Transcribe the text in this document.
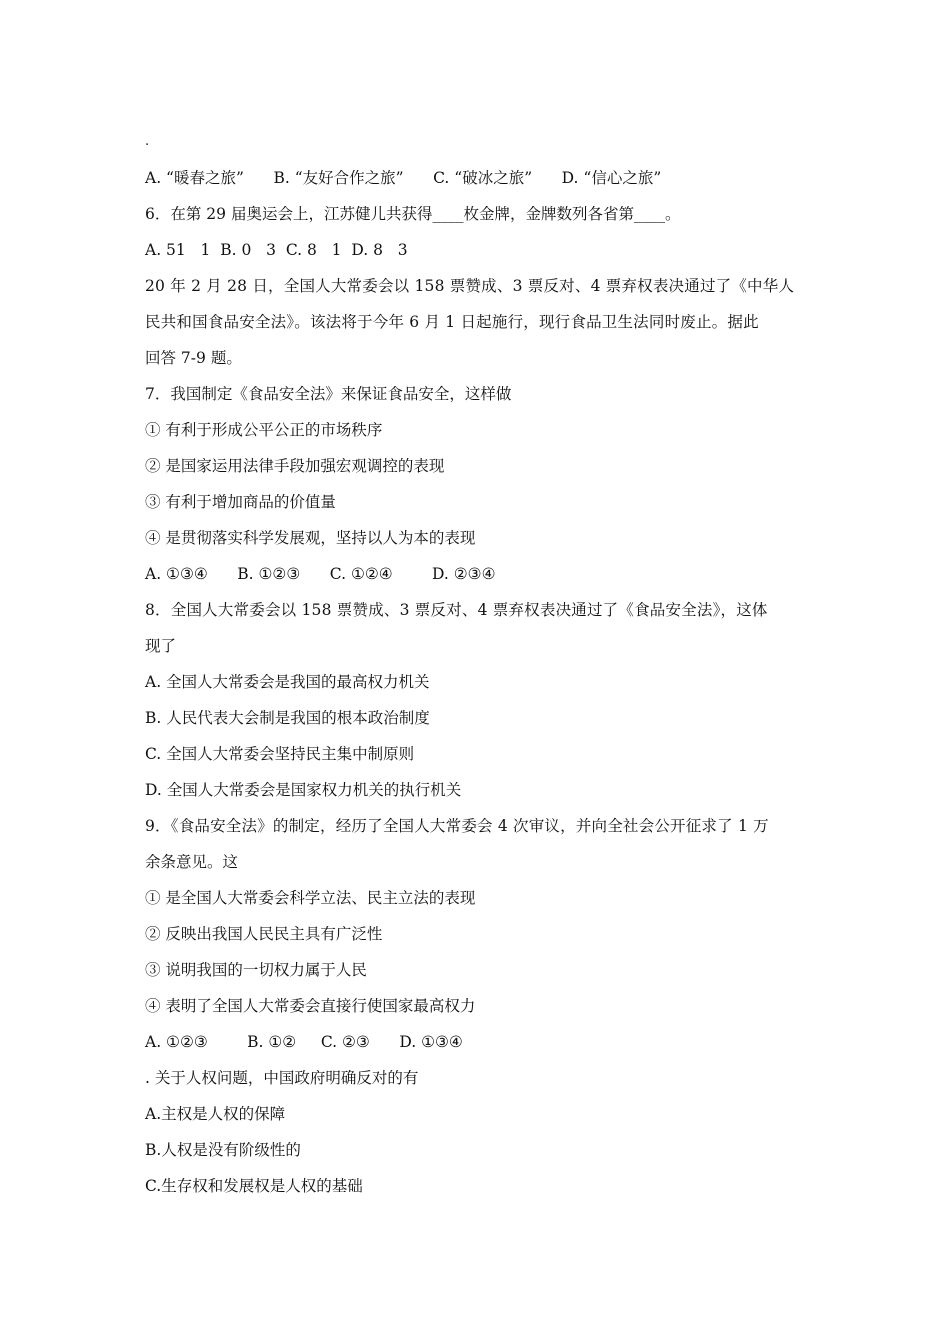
.
A. “暖春之旅”      B. “友好合作之旅”      C. “破冰之旅”      D. “信心之旅”
6．在第 29 届奥运会上，江苏健儿共获得____枚金牌，金牌数列各省第____。
A. 51   1  B. 0   3  C. 8   1  D. 8   3
20 年 2 月 28 日，全国人大常委会以 158 票赞成、3 票反对、4 票弃权表决通过了《中华人
民共和国食品安全法》。该法将于今年 6 月 1 日起施行，现行食品卫生法同时废止。据此
回答 7-9 题。
7．我国制定《食品安全法》来保证食品安全，这样做
① 有利于形成公平公正的市场秩序
② 是国家运用法律手段加强宏观调控的表现
③ 有利于增加商品的价值量
④ 是贯彻落实科学发展观，坚持以人为本的表现
A. ①③④      B. ①②③      C. ①②④        D. ②③④
8．全国人大常委会以 158 票赞成、3 票反对、4 票弃权表决通过了《食品安全法》，这体
现了
A. 全国人大常委会是我国的最高权力机关
B. 人民代表大会制是我国的根本政治制度
C. 全国人大常委会坚持民主集中制原则
D. 全国人大常委会是国家权力机关的执行机关
9．《食品安全法》的制定，经历了全国人大常委会 4 次审议，并向全社会公开征求了 1 万
余条意见。这
① 是全国人大常委会科学立法、民主立法的表现
② 反映出我国人民民主具有广泛性
③ 说明我国的一切权力属于人民
④ 表明了全国人大常委会直接行使国家最高权力
A. ①②③        B. ①②     C. ②③      D. ①③④
. 关于人权问题，中国政府明确反对的有
A.主权是人权的保障
B.人权是没有阶级性的
C.生存权和发展权是人权的基础
